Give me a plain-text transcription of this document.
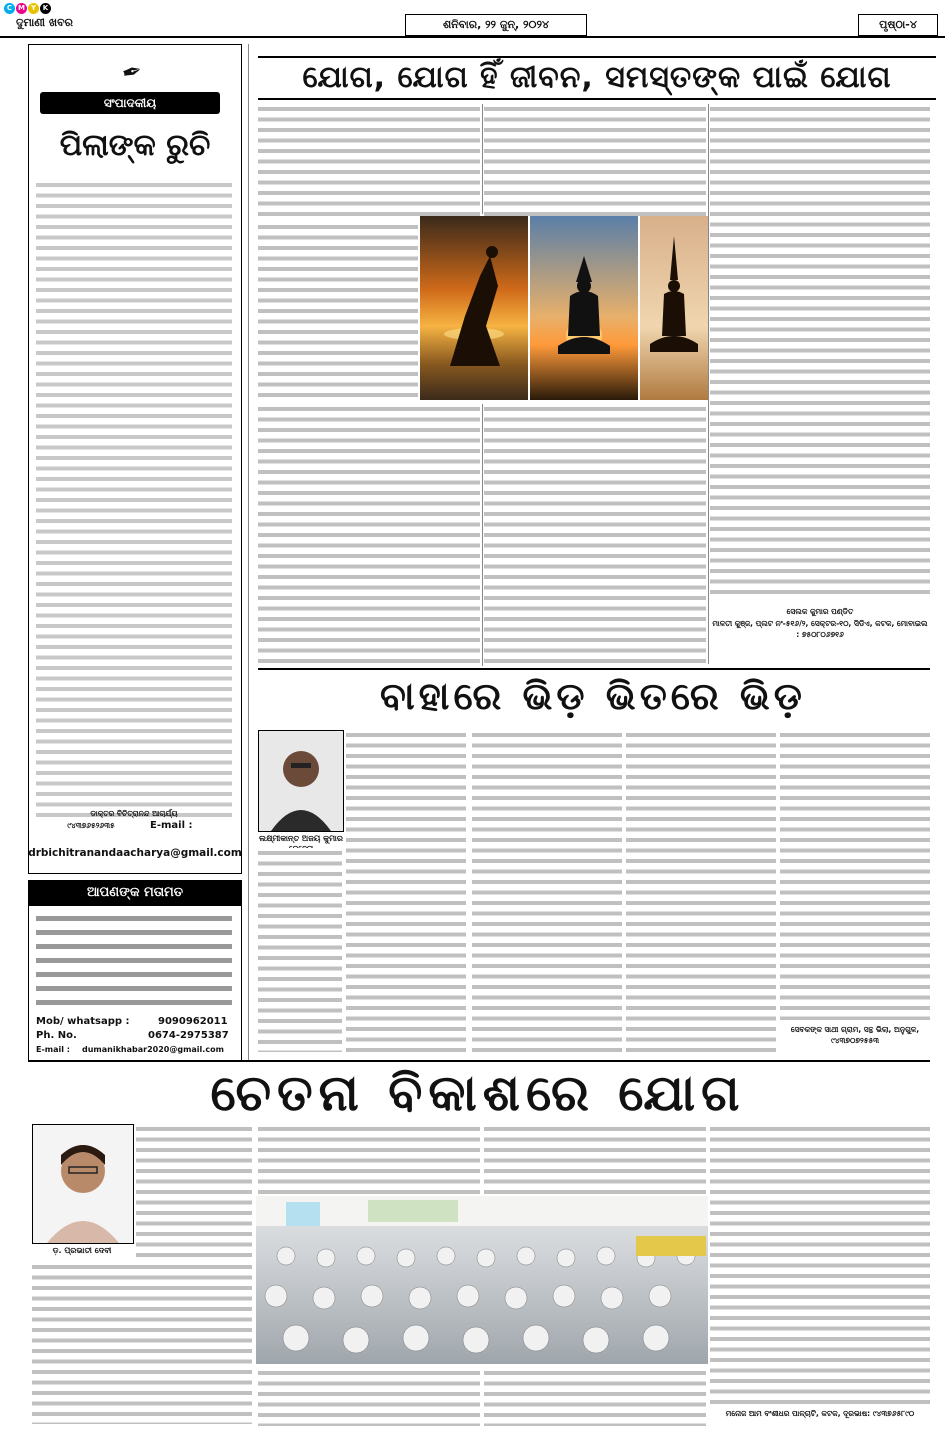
C M Y K
ଦୁମାଣୀ ଖବର	ଶନିବାର, ୨୨ ଜୁନ୍, ୨୦୨୪	ପୃଷ୍ଠା-୪
✒
ସଂପାଦକୀୟ
ପିଲାଙ୍କ ରୁଚି
ଡାକ୍ତର ବିଚିତ୍ରାନନ୍ଦ ଆଚାର୍ଯ୍ୟ
୯୪୩୭୬୫୨୬୩୫	E-mail :
drbichitranandaacharya@gmail.com
ଆପଣଙ୍କ ମତାମତ
Mob/ whatsapp :	9090962011
Ph. No.	0674-2975387
E-mail : dumanikhabar2020@gmail.com
ଯୋଗ, ଯୋଗ ହିଁ ଜୀବନ, ସମସ୍ତଙ୍କ ପାଇଁ ଯୋଗ
ସେଲକ କୁମାର ପଣ୍ଡିତ
ମାଳତୀ କୁଞ୍ଜ, ପ୍ଲଟ ନଂ-୫୧୬/୨, ସେକ୍ଟର-୧୦, ସିଡିଏ, କଟକ, ମୋବାଇଲ : ୭୫୦୮୦୬୭୧୬
ବାହାରେ ଭିଡ଼ ଭିତରେ ଭିଡ଼
ଲକ୍ଷ୍ମୀକାନ୍ତ ଅଜୟ କୁମାର
ସେବକଙ୍କ ସାଥୀ ଗ୍ରାମ, ସନ୍ଥ ଭିଲା, ଅନୁଗୁଳ, ୯୪୩୭୦୭୨୫୫୩
ଚେତନା ବିକାଶରେ ଯୋଗ
ଡ଼. ପ୍ରଭାତୀ ଦେବୀ
ମନୋଜ ଆମ ବଂଶୀଧର ପାଳ୍ଚାଟି, କଟକ, ଦୂରଭାଷ: ୯୪୩୭୬୫୮୯୦
